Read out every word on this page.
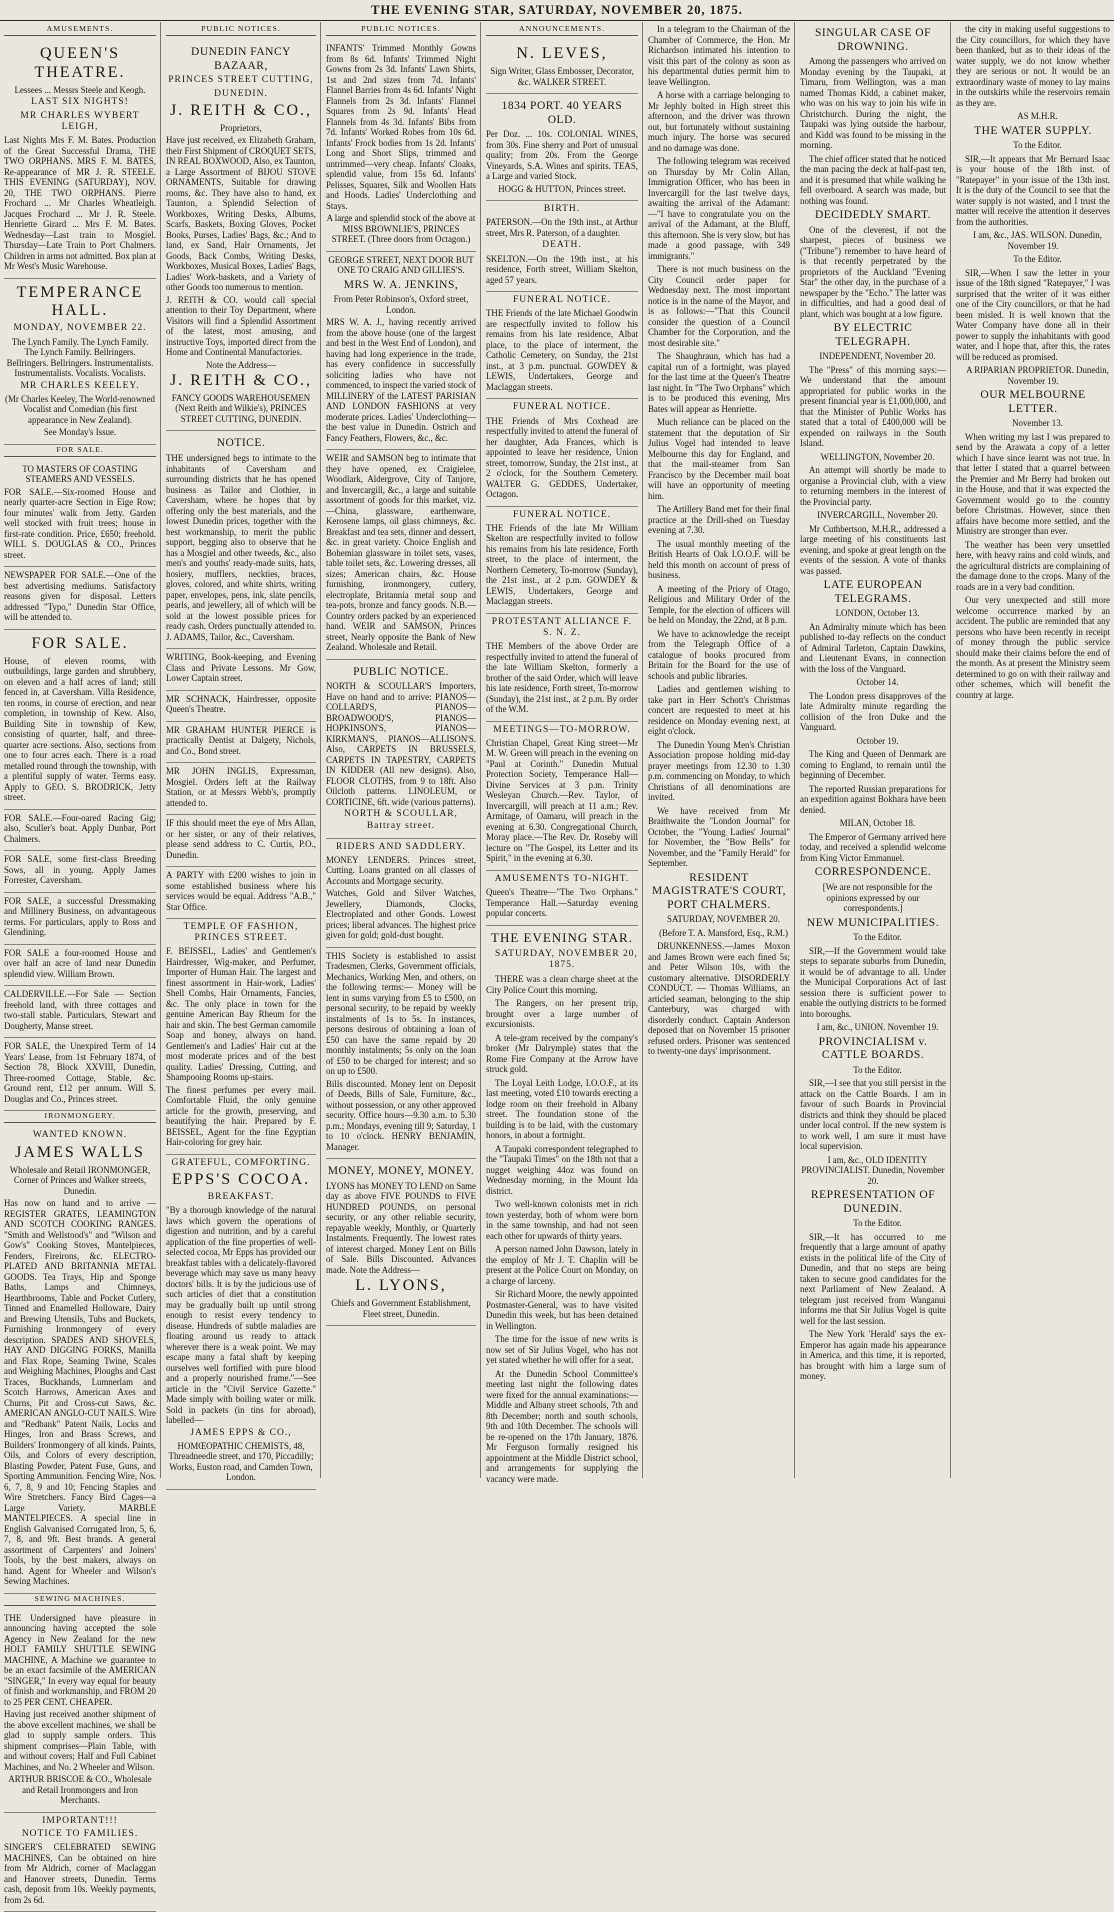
THE EVENING STAR, SATURDAY, NOVEMBER 20, 1875.
AMUSEMENTS.
QUEEN'S THEATRE.

Lessees ... Messrs Steele and Keogh.

LAST SIX NIGHTS!

MR CHARLES WYBERT LEIGH,

Last Nights Mrs F. M. Bates. Production of the Great Successful Drama, THE TWO ORPHANS. MRS F. M. BATES, Re-appearance of MR J. R. STEELE. THIS EVENING (SATURDAY), NOV. 20, THE TWO ORPHANS. Pierre Frochard ... Mr Charles Wheatleigh. Jacques Frochard ... Mr J. R. Steele. Henriette Girard ... Mrs F. M. Bates. Wednesday—Last train to Mosgiel. Thursday—Late Train to Port Chalmers. Children in arms not admitted. Box plan at Mr West's Music Warehouse.

TEMPERANCE HALL.

MONDAY, NOVEMBER 22.

The Lynch Family. The Lynch Family. The Lynch Family. Bellringers. Bellringers. Bellringers. Instrumentalists. Instrumentalists. Vocalists. Vocalists.

MR CHARLES KEELEY.

(Mr Charles Keeley, The World-renowned Vocalist and Comedian (his first appearance in New Zealand).

See Monday's Issue.

FOR SALE.

TO MASTERS OF COASTING STEAMERS AND VESSELS.

FOR SALE.—Six-roomed House and nearly quarter-acre Section in Eige Row; four minutes' walk from Jetty. Garden well stocked with fruit trees; house in first-rate condition. Price, £650; freehold. WILL S. DOUGLAS & CO., Princes street.

NEWSPAPER FOR SALE.—One of the best advertising mediums. Satisfactory reasons given for disposal. Letters addressed "Typo," Dunedin Star Office, will be attended to.

FOR SALE.

House, of eleven rooms, with outbuildings, large garden and shrubbery, on eleven and a half acres of land; still fenced in, at Caversham. Villa Residence, ten rooms, in course of erection, and near completion, in township of Kew. Also, Building Site in township of Kew, consisting of quarter, half, and three-quarter acre sections. Also, sections from one to four acres each. There is a road metalled round through the township, with a plentiful supply of water. Terms easy. Apply to GEO. S. BRODRICK, Jetty street.

FOR SALE.—Four-oared Racing Gig; also, Sculler's boat. Apply Dunbar, Port Chalmers.

FOR SALE, some first-class Breeding Sows, all in young. Apply James Forrester, Caversham.

FOR SALE, a successful Dressmaking and Millinery Business, on advantageous terms. For particulars, apply to Ross and Glendining.

FOR SALE a four-roomed House and over half an acre of land near Dunedin splendid view. William Brown.

CALDERVILLE.—For Sale — Section freehold land, with three cottages and two-stall stable. Particulars, Stewart and Dougherty, Manse street.

FOR SALE, the Unexpired Term of 14 Years' Lease, from 1st February 1874, of Section 78, Block XXVIII, Dunedin, Three-roomed Cottage, Stable, &c. Ground rent, £12 per annum. Will S. Douglas and Co., Princes street.

IRONMONGERY.

WANTED KNOWN.

JAMES WALLS

Wholesale and Retail IRONMONGER, Corner of Princes and Walker streets, Dunedin.

Has now on hand and to arrive — REGISTER GRATES, LEAMINGTON AND SCOTCH COOKING RANGES. "Smith and Wellstood's" and "Wilson and Gow's" Cooking Stoves, Mantelpieces, Fenders, Fireirons, &c. ELECTRO-PLATED AND BRITANNIA METAL GOODS. Tea Trays, Hip and Sponge Baths, Lamps and Chimneys, Hearthbrooms, Table and Pocket Cutlery, Tinned and Enamelled Holloware, Dairy and Brewing Utensils, Tubs and Buckets, Furnishing Ironmongery of every description. SPADES AND SHOVELS, HAY AND DIGGING FORKS, Manilla and Flax Rope, Seaming Twine, Scales and Weighing Machines, Ploughs and Cast Traces, Buckhands, Lumnerlam and Scotch Harrows, American Axes and Churns, Pit and Cross-cut Saws, &c. AMERICAN ANGLO-CUT NAILS. Wire and "Redbank" Patent Nails, Locks and Hinges, Iron and Brass Screws, and Builders' Ironmongery of all kinds. Paints, Oils, and Colors of every description, Blasting Powder, Patent Fuse, Guns, and Sporting Ammunition. Fencing Wire, Nos. 6, 7, 8, 9 and 10; Fencing Staples and Wire Stretchers. Fancy Bird Cages—a Large Variety. MARBLE MANTELPIECES. A special line in English Galvanised Corrugated Iron, 5, 6, 7, 8, and 9ft. Best brands. A general assortment of Carpenters' and Joiners' Tools, by the best makers, always on hand. Agent for Wheeler and Wilson's Sewing Machines.

SEWING MACHINES.

THE Undersigned have pleasure in announcing having accepted the sole Agency in New Zealand for the new HOLT FAMILY SHUTTLE SEWING MACHINE, A Machine we guarantee to be an exact facsimile of the AMERICAN "SINGER," In every way equal for beauty of finish and workmanship, and FROM 20 to 25 PER CENT. CHEAPER.

Having just received another shipment of the above excellent machines, we shall be glad to supply sample orders. This shipment comprises—Plain Table, with and without covers; Half and Full Cabinet Machines, and No. 2 Wheeler and Wilson.

ARTHUR BRISCOE & CO., Wholesale and Retail Ironmongers and Iron Merchants.

IMPORTANT!!!

NOTICE TO FAMILIES.

SINGER'S CELEBRATED SEWING MACHINES, Can be obtained on hire from Mr Aldrich, corner of Maclaggan and Hanover streets, Dunedin. Terms cash, deposit from 10s. Weekly payments, from 2s 6d.

PUBLIC NOTICES.
DUNEDIN FANCY BAZAAR,

PRINCES STREET CUTTING,

DUNEDIN.

J. REITH & CO.,

Proprietors,

Have just received, ex Elizabeth Graham, their First Shipment of CROQUET SETS, IN REAL BOXWOOD, Also, ex Taunton, a Large Assortment of BIJOU STOVE ORNAMENTS, Suitable for drawing rooms, &c. They have also to hand, ex Taunton, a Splendid Selection of Workboxes, Writing Desks, Albums, Scarfs, Baskets, Boxing Gloves, Pocket Books, Purses, Ladies' Bags, &c.; And to land, ex Sand, Hair Ornaments, Jet Goods, Back Combs, Writing Desks, Workboxes, Musical Boxes, Ladies' Bags, Ladies' Work-baskets, and a Variety of other Goods too numerous to mention.

J. REITH & CO. would call special attention to their Toy Department, where Visitors will find a Splendid Assortment of the latest, most amusing, and instructive Toys, imported direct from the Home and Continental Manufactories.

Note the Address—

J. REITH & CO.,

FANCY GOODS WAREHOUSEMEN (Next Reith and Wilkie's), PRINCES STREET CUTTING, DUNEDIN.

NOTICE.

THE undersigned begs to intimate to the inhabitants of Caversham and surrounding districts that he has opened business as Tailor and Clothier, in Caversham, where he hopes that by offering only the best materials, and the lowest Dunedin prices, together with the best workmanship, to merit the public support, begging also to observe that he has a Mosgiel and other tweeds, &c., also men's and youths' ready-made suits, hats, hosiery, mufflers, neckties, braces, gloves, colored, and white shirts, writing paper, envelopes, pens, ink, slate pencils, pearls, and jewellery, all of which will be sold at the lowest possible prices for ready cash. Orders punctually attended to. J. ADAMS, Tailor, &c., Caversham.

WRITING, Book-keeping, and Evening Class and Private Lessons. Mr Gow, Lower Captain street.

MR SCHNACK, Hairdresser, opposite Queen's Theatre.

MR GRAHAM HUNTER PIERCE is practically Dentist at Dalgety, Nichols, and Co., Bond street.

MR JOHN INGLIS, Expressman, Mosgiel. Orders left at the Railway Station, or at Messrs Webb's, promptly attended to.

IF this should meet the eye of Mrs Allan, or her sister, or any of their relatives, please send address to C. Curtis, P.O., Dunedin.

A PARTY with £200 wishes to join in some established business where his services would be equal. Address "A.B.," Star Office.

TEMPLE OF FASHION, PRINCES STREET.

F. BEISSEL, Ladies' and Gentlemen's Hairdresser, Wig-maker, and Perfumer, Importer of Human Hair. The largest and finest assortment in Hair-work, Ladies' Shell Combs, Hair Ornaments, Fancies, &c. The only place in town for the genuine American Bay Rheum for the hair and skin. The best German camomile Soap and honey, always on hand. Gentlemen's and Ladies' Hair cut at the most moderate prices and of the best quality. Ladies' Dressing, Cutting, and Shampooing Rooms up-stairs.

The finest perfumes per every mail. Comfortable Fluid, the only genuine article for the growth, preserving, and beautifying the hair. Prepared by F. BEISSEL, Agent for the fine Egyptian Hair-coloring for grey hair.

GRATEFUL, COMFORTING.

EPPS'S COCOA.

BREAKFAST.

"By a thorough knowledge of the natural laws which govern the operations of digestion and nutrition, and by a careful application of the fine properties of well-selected cocoa, Mr Epps has provided our breakfast tables with a delicately-flavored beverage which may save us many heavy doctors' bills. It is by the judicious use of such articles of diet that a constitution may be gradually built up until strong enough to resist every tendency to disease. Hundreds of subtle maladies are floating around us ready to attack wherever there is a weak point. We may escape many a fatal shaft by keeping ourselves well fortified with pure blood and a properly nourished frame."—See article in the "Civil Service Gazette." Made simply with boiling water or milk. Sold in packets (in tins for abroad), labelled—

JAMES EPPS & CO.,

HOMŒOPATHIC CHEMISTS, 48, Threadneedle street, and 170, Piccadilly; Works, Euston road, and Camden Town, London.

PUBLIC NOTICES.

INFANTS' Trimmed Monthly Gowns from 8s 6d. Infants' Trimmed Night Gowns from 2s 3d. Infants' Lawn Shirts, 1st and 2nd sizes from 7d. Infants' Flannel Barries from 4s 6d. Infants' Night Flannels from 2s 3d. Infants' Flannel Squares from 2s 9d. Infants' Head Flannels from 4s 3d. Infants' Bibs from 7d. Infants' Worked Robes from 10s 6d. Infants' Frock bodies from 1s 2d. Infants' Long and Short Slips, trimmed and untrimmed—very cheap. Infants' Cloaks, splendid value, from 15s 6d. Infants' Pelisses, Squares, Silk and Woollen Hats and Hoods. Ladies' Underclothing and Stays.

A large and splendid stock of the above at MISS BROWNLIE'S, PRINCES STREET. (Three doors from Octagon.)

GEORGE STREET, NEXT DOOR BUT ONE TO CRAIG AND GILLIES'S.

MRS W. A. JENKINS,

From Peter Robinson's, Oxford street, London.

MRS W. A. J., having recently arrived from the above house (one of the largest and best in the West End of London), and having had long experience in the trade, has every confidence in successfully soliciting ladies who have not commenced, to inspect the varied stock of MILLINERY of the LATEST PARISIAN AND LONDON FASHIONS at very moderate prices. Ladies' Underclothing—the best value in Dunedin. Ostrich and Fancy Feathers, Flowers, &c., &c.

WEIR and SAMSON beg to intimate that they have opened, ex Craigielee, Woodlark, Aldergrove, City of Tanjore, and Invercargill, &c., a large and suitable assortment of goods for this market, viz.—China, glassware, earthenware, Kerosene lamps, oil glass chimneys, &c. Breakfast and tea sets, dinner and dessert, &c. in great variety. Choice English and Bohemian glassware in toilet sets, vases, table toilet sets, &c. Lowering dresses, all sizes; American chairs, &c. House furnishing, ironmongery, cutlery, electroplate, Britannia metal soup and tea-pots, bronze and fancy goods. N.B.—Country orders packed by an experienced hand. WEIR and SAMSON, Princes street, Nearly opposite the Bank of New Zealand. Wholesale and Retail.

PUBLIC NOTICE.

NORTH & SCOULLAR'S Importers, Have on hand and to arrive: PIANOS—COLLARD'S, PIANOS—BROADWOOD'S, PIANOS—HOPKINSON'S, PIANOS—KIRKMAN'S, PIANOS—ALLISON'S. Also, CARPETS IN BRUSSELS, CARPETS IN TAPESTRY, CARPETS IN KIDDER (All new designs). Also, FLOOR CLOTHS, from 9 to 18ft. Also Oilcloth patterns. LINOLEUM, or CORTICINE, 6ft. wide (various patterns).

NORTH & SCOULLAR, Battray street.

RIDERS AND SADDLERY.

MONEY LENDERS. Princes street, Cutting. Loans granted on all classes of Accounts and Mortgage security.

Watches, Gold and Silver Watches, Jewellery, Diamonds, Clocks, Electroplated and other Goods. Lowest prices; liberal advances. The highest price given for gold; gold-dust bought.

THIS Society is established to assist Tradesmen, Clerks, Government officials, Mechanics, Working Men, and others, on the following terms:— Money will be lent in sums varying from £5 to £500, on personal security, to be repaid by weekly instalments of 1s to 5s. In instances, persons desirous of obtaining a loan of £50 can have the same repaid by 20 monthly instalments; 5s only on the loan of £50 to be charged for interest; and so on up to £500.

Bills discounted. Money lent on Deposit of Deeds, Bills of Sale, Furniture, &c., without possession, or any other approved security. Office hours—9.30 a.m. to 5.30 p.m.; Mondays, evening till 9; Saturday, 1 to 10 o'clock. HENRY BENJAMIN, Manager.

MONEY, MONEY, MONEY.

LYONS has MONEY TO LEND on Same day as above FIVE POUNDS to FIVE HUNDRED POUNDS, on personal security, or any other reliable security, repayable weekly, Monthly, or Quarterly Instalments. Frequently. The lowest rates of interest charged. Money Lent on Bills of Sale. Bills Discounted. Advances made. Note the Address—

L. LYONS,

Chiefs and Government Establishment, Fleet street, Dunedin.

ANNOUNCEMENTS.
N. LEVES,

Sign Writer, Glass Embosser, Decorator, &c. WALKER STREET.

1834 PORT. 40 YEARS OLD.

Per Doz. ... 10s. COLONIAL WINES, from 30s. Fine sherry and Port of unusual quality; from 20s. From the George Vineyards, S.A. Wines and spirits. TEAS, a Large and varied Stock.

HOGG & HUTTON, Princes street.

BIRTH.

PATERSON.—On the 19th inst., at Arthur street, Mrs R. Paterson, of a daughter.

DEATH.

SKELTON.—On the 19th inst., at his residence, Forth street, William Skelton, aged 57 years.

FUNERAL NOTICE.

THE Friends of the late Michael Goodwin are respectfully invited to follow his remains from his late residence, Albat place, to the place of interment, the Catholic Cemetery, on Sunday, the 21st inst., at 3 p.m. punctual. GOWDEY & LEWIS, Undertakers, George and Maclaggan streets.

FUNERAL NOTICE.

THE Friends of Mrs Coxhead are respectfully invited to attend the funeral of her daughter, Ada Frances, which is appointed to leave her residence, Union street, tomorrow, Sunday, the 21st inst., at 2 o'clock, for the Southern Cemetery. WALTER G. GEDDES, Undertaker, Octagon.

FUNERAL NOTICE.

THE Friends of the late Mr William Skelton are respectfully invited to follow his remains from his late residence, Forth street, to the place of interment, the Northern Cemetery, To-morrow (Sunday), the 21st inst., at 2 p.m. GOWDEY & LEWIS, Undertakers, George and Maclaggan streets.

PROTESTANT ALLIANCE F. S. N. Z.

THE Members of the above Order are respectfully invited to attend the funeral of the late William Skelton, formerly a brother of the said Order, which will leave his late residence, Forth street, To-morrow (Sunday), the 21st inst., at 2 p.m. By order of the W.M.

MEETINGS—TO-MORROW.

Christian Chapel, Great King street—Mr M. W. Green will preach in the evening on "Paul at Corinth." Dunedin Mutual Protection Society, Temperance Hall—Divine Services at 3 p.m. Trinity Wesleyan Church.—Rev. Taylor, of Invercargill, will preach at 11 a.m.; Rev. Armitage, of Oamaru, will preach in the evening at 6.30. Congregational Church, Moray place.—The Rev. Dr. Roseby will lecture on "The Gospel, its Letter and its Spirit," in the evening at 6.30.

AMUSEMENTS TO-NIGHT.

Queen's Theatre—"The Two Orphans." Temperance Hall.—Saturday evening popular concerts.

THE EVENING STAR.

SATURDAY, NOVEMBER 20, 1875.

THERE was a clean charge sheet at the City Police Court this morning.

The Rangers, on her present trip, brought over a large number of excursionists.

A tele-gram received by the company's broker (Mr Dalrymple) states that the Rome Fire Company at the Arrow have struck gold.

The Loyal Leith Lodge, I.O.O.F., at its last meeting, voted £10 towards erecting a lodge room on their freehold in Albany street. The foundation stone of the building is to be laid, with the customary honors, in about a fortnight.

A Taupaki correspondent telegraphed to the "Taupaki Times" on the 18th not that a nugget weighing 44oz was found on Wednesday morning, in the Mount Ida district.

Two well-known colonists met in rich town yesterday, both of whom were born in the same township, and had not seen each other for upwards of thirty years.

A person named John Dawson, lately in the employ of Mr J. T. Chaplin will be present at the Police Court on Monday, on a charge of larceny.

Sir Richard Moore, the newly appointed Postmaster-General, was to have visited Dunedin this week, but has been detained in Wellington.

The time for the issue of new writs is now set of Sir Julius Vogel, who has not yet stated whether he will offer for a seat.

At the Dunedin School Committee's meeting last night the following dates were fixed for the annual examinations:—Middle and Albany street schools, 7th and 8th December; north and south schools, 9th and 10th December. The schools will be re-opened on the 17th January, 1876. Mr Ferguson formally resigned his appointment at the Middle District school, and arrangements for supplying the vacancy were made.

In a telegram to the Chairman of the Chamber of Commerce, the Hon. Mr Richardson intimated his intention to visit this part of the colony as soon as his departmental duties permit him to leave Wellington.

A horse with a carriage belonging to Mr Jephly bolted in High street this afternoon, and the driver was thrown out, but fortunately without sustaining much injury. The horse was secured and no damage was done.

The following telegram was received on Thursday by Mr Colin Allan, Immigration Officer, who has been in Invercargill for the last twelve days, awaiting the arrival of the Adamant:—"I have to congratulate you on the arrival of the Adamant, at the Bluff, this afternoon. She is very slow, but has made a good passage, with 349 immigrants."

There is not much business on the City Council order paper for Wednesday next. The most important notice is in the name of the Mayor, and is as follows:—"That this Council consider the question of a Council Chamber for the Corporation, and the most desirable site."

The Shaughraun, which has had a capital run of a fortnight, was played for the last time at the Queen's Theatre last night. In "The Two Orphans" which is to be produced this evening, Mrs Bates will appear as Henriette.

Much reliance can be placed on the statement that the deputation of Sir Julius Vogel had intended to leave Melbourne this day for England, and that the mail-steamer from San Francisco by the December mail boat will have an opportunity of meeting him.

The Artillery Band met for their final practice at the Drill-shed on Tuesday evening at 7.30.

The usual monthly meeting of the British Hearts of Oak I.O.O.F. will be held this month on account of press of business.

A meeting of the Priory of Otago, Religious and Military Order of the Temple, for the election of officers will be held on Monday, the 22nd, at 8 p.m.

We have to acknowledge the receipt from the Telegraph Office of a catalogue of books procured from Britain for the Board for the use of schools and public libraries.

Ladies and gentlemen wishing to take part in Herr Schott's Christmas concert are requested to meet at his residence on Monday evening next, at eight o'clock.

The Dunedin Young Men's Christian Association propose holding mid-day prayer meetings from 12.30 to 1.30 p.m. commencing on Monday, to which Christians of all denominations are invited.

We have received from Mr Braithwaite the "London Journal" for October, the "Young Ladies' Journal" for November, the "Bow Bells" for November, and the "Family Herald" for September.

RESIDENT MAGISTRATE'S COURT, PORT CHALMERS.

SATURDAY, NOVEMBER 20.

(Before T. A. Mansford, Esq., R.M.)

DRUNKENNESS.—James Moxon and James Brown were each fined 5s; and Peter Wilson 10s, with the customary alternative. DISORDERLY CONDUCT. — Thomas Williams, an articled seaman, belonging to the ship Canterbury, was charged with disorderly conduct. Captain Anderson deposed that on November 15 prisoner refused orders. Prisoner was sentenced to twenty-one days' imprisonment.

SINGULAR CASE OF DROWNING.

Among the passengers who arrived on Monday evening by the Taupaki, at Timaru, from Wellington, was a man named Thomas Kidd, a cabinet maker, who was on his way to join his wife in Christchurch. During the night, the Taupaki was lying outside the harbour, and Kidd was found to be missing in the morning.

The chief officer stated that he noticed the man pacing the deck at half-past ten, and it is presumed that while walking he fell overboard. A search was made, but nothing was found.

DECIDEDLY SMART.

One of the cleverest, if not the sharpest, pieces of business we ("Tribune") remember to have heard of is that recently perpetrated by the proprietors of the Auckland "Evening Star" the other day, in the purchase of a newspaper by the "Echo." The latter was in difficulties, and had a good deal of plant, which was bought at a low figure.

BY ELECTRIC TELEGRAPH.

INDEPENDENT, November 20.

The "Press" of this morning says:—We understand that the amount appropriated for public works in the present financial year is £1,000,000, and that the Minister of Public Works has stated that a total of £400,000 will be expended on railways in the South Island.

WELLINGTON, November 20.

An attempt will shortly be made to organise a Provincial club, with a view to returning members in the interest of the Provincial party.

INVERCARGILL, November 20.

Mr Cuthbertson, M.H.R., addressed a large meeting of his constituents last evening, and spoke at great length on the events of the session. A vote of thanks was passed.

LATE EUROPEAN TELEGRAMS.

LONDON, October 13.

An Admiralty minute which has been published to-day reflects on the conduct of Admiral Tarleton, Captain Dawkins, and Lieutenant Evans, in connection with the loss of the Vanguard.

October 14.

The London press disapproves of the late Admiralty minute regarding the collision of the Iron Duke and the Vanguard.

October 19.

The King and Queen of Denmark are coming to England, to remain until the beginning of December.

The reported Russian preparations for an expedition against Bokhara have been denied.

MILAN, October 18.

The Emperor of Germany arrived here today, and received a splendid welcome from King Victor Emmanuel.

CORRESPONDENCE.

[We are not responsible for the opinions expressed by our correspondents.]

NEW MUNICIPALITIES.

To the Editor.

SIR,—If the Government would take steps to separate suburbs from Dunedin, it would be of advantage to all. Under the Municipal Corporations Act of last session there is sufficient power to enable the outlying districts to be formed into boroughs.

I am, &c., UNION. November 19.

PROVINCIALISM v. CATTLE BOARDS.

To the Editor.

SIR,—I see that you still persist in the attack on the Cattle Boards. I am in favour of such Boards in Provincial districts and think they should be placed under local control. If the new system is to work well, I am sure it must have local supervision.

I am, &c., OLD IDENTITY PROVINCIALIST. Dunedin, November 20.

REPRESENTATION OF DUNEDIN.

To the Editor.

SIR,—It has occurred to me frequently that a large amount of apathy exists in the political life of the City of Dunedin, and that no steps are being taken to secure good candidates for the next Parliament of New Zealand. A telegram just received from Wanganui informs me that Sir Julius Vogel is quite well for the last session.

The New York 'Herald' says the ex-Emperor has again made his appearance in America, and this time, it is reported, has brought with him a large sum of money.

the city in making useful suggestions to the City councillors, for which they have been thanked, but as to their ideas of the water supply, we do not know whether they are serious or not. It would be an extraordinary waste of money to lay mains in the outskirts while the reservoirs remain as they are.

AS M.H.R.

THE WATER SUPPLY.

To the Editor.

SIR,—It appears that Mr Bernard Isaac is your house of the 18th inst. of "Ratepayer" in your issue of the 13th inst. It is the duty of the Council to see that the water supply is not wasted, and I trust the matter will receive the attention it deserves from the authorities.

I am, &c., JAS. WILSON. Dunedin, November 19.

To the Editor.

SIR,—When I saw the letter in your issue of the 18th signed "Ratepayer," I was surprised that the writer of it was either one of the City councillors, or that he had been misled. It is well known that the Water Company have done all in their power to supply the inhabitants with good water, and I hope that, after this, the rates will be reduced as promised.

A RIPARIAN PROPRIETOR. Dunedin, November 19.

OUR MELBOURNE LETTER.

November 13.

When writing my last I was prepared to send by the Arawata a copy of a letter which I have since learnt was not true. In that letter I stated that a quarrel between the Premier and Mr Berry had broken out in the House, and that it was expected the Government would go to the country before Christmas. However, since then affairs have become more settled, and the Ministry are stronger than ever.

The weather has been very unsettled here, with heavy rains and cold winds, and the agricultural districts are complaining of the damage done to the crops. Many of the roads are in a very bad condition.

Our very unexpected and still more welcome occurrence marked by an accident. The public are reminded that any persons who have been recently in receipt of money through the public service should make their claims before the end of the month. As at present the Ministry seem determined to go on with their railway and other schemes, which will benefit the country at large.
